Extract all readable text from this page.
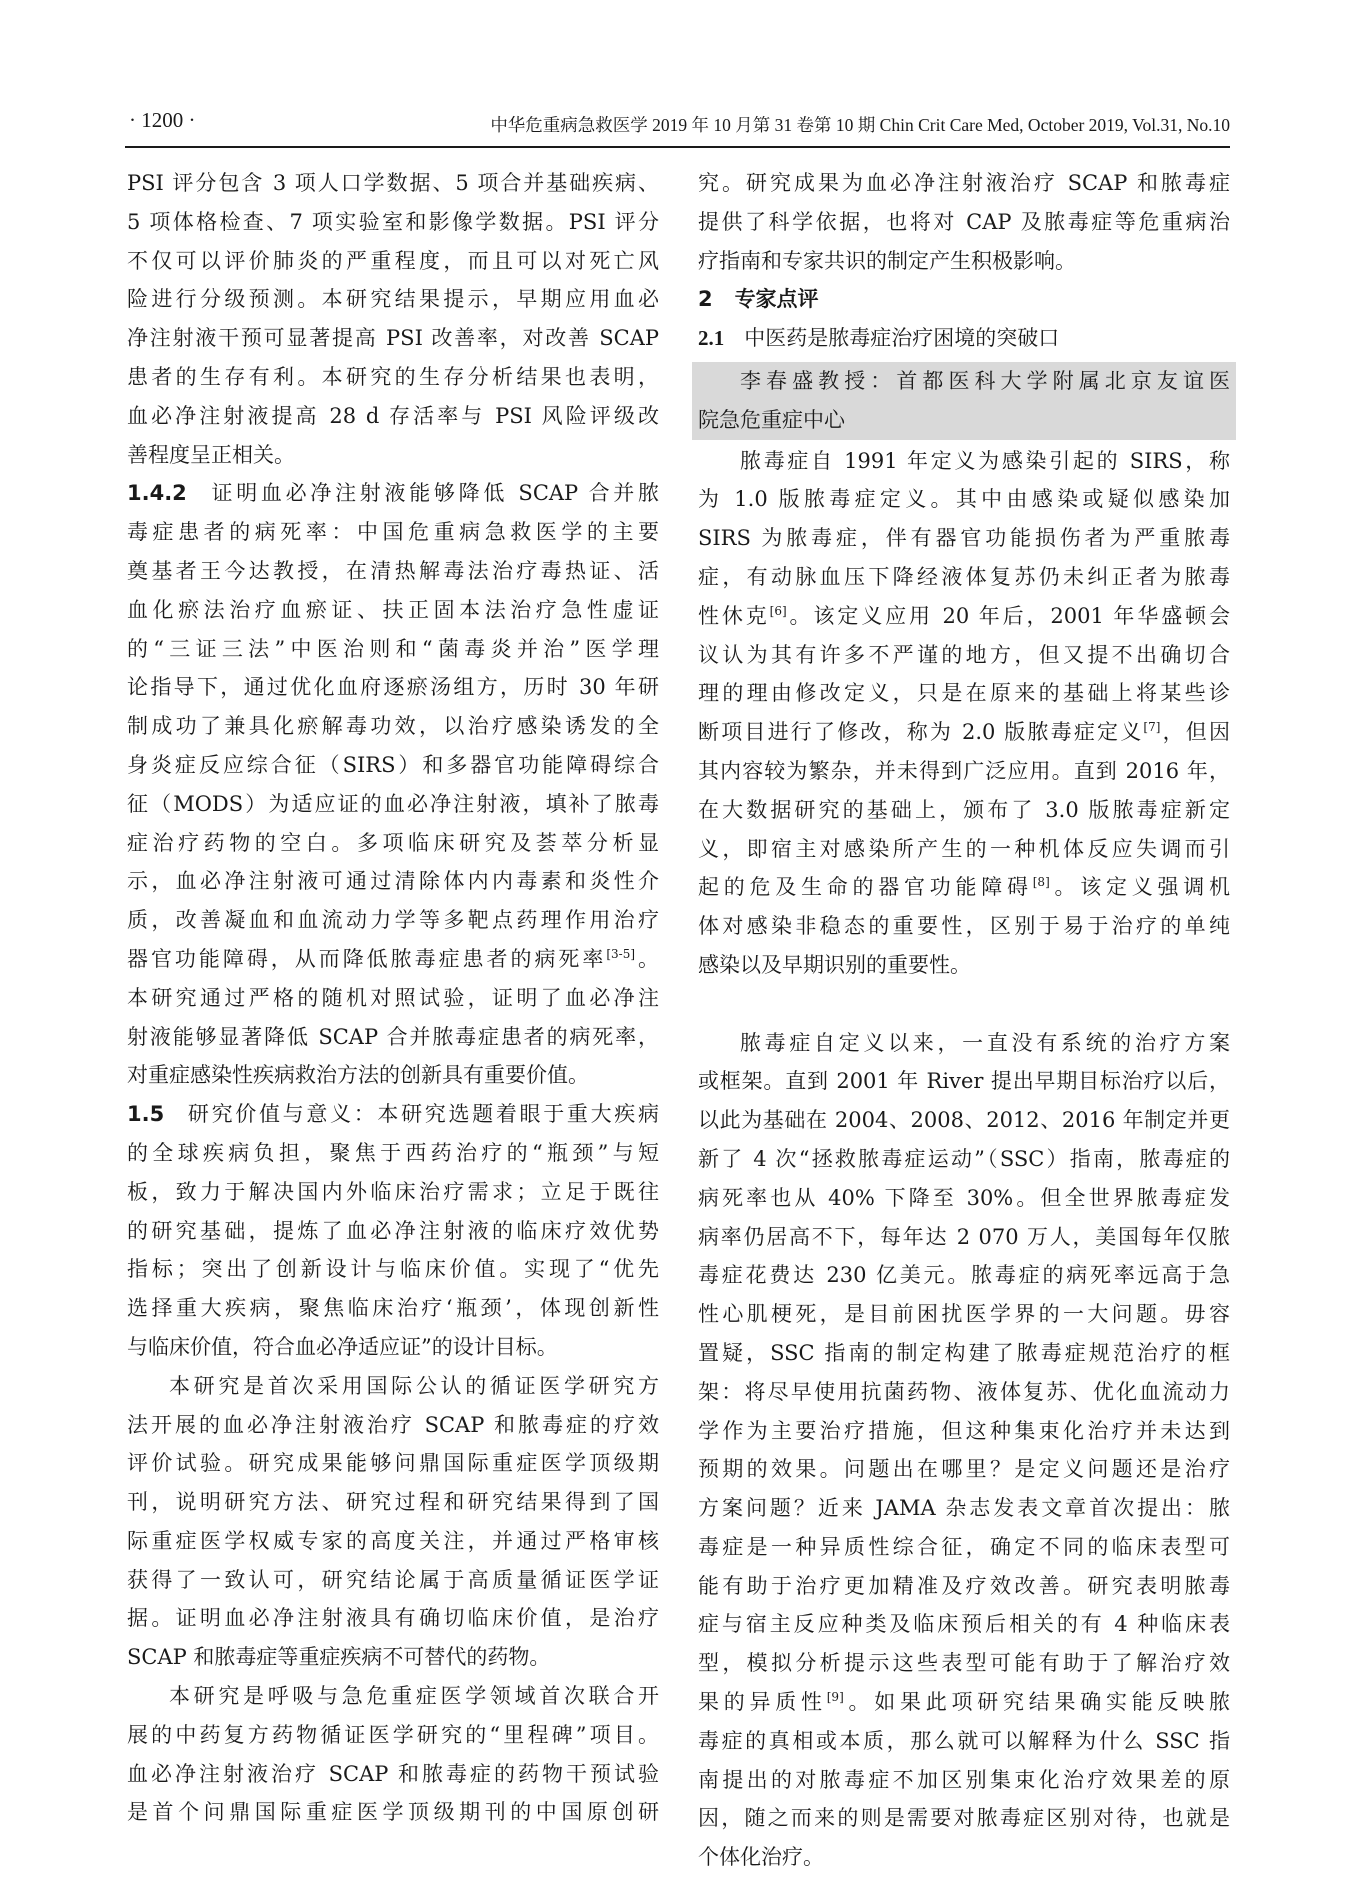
· 1200 ·	中华危重病急救医学 2019 年 10 月第 31 卷第 10 期 Chin Crit Care Med, October 2019, Vol.31, No.10
PSI 评分包含 3 项人口学数据、5 项合并基础疾病、
5 项体格检查、7 项实验室和影像学数据。PSI 评分
不仅可以评价肺炎的严重程度，而且可以对死亡风
险进行分级预测。本研究结果提示，早期应用血必
净注射液干预可显著提高 PSI 改善率，对改善 SCAP
患者的生存有利。本研究的生存分析结果也表明，
血必净注射液提高 28 d 存活率与 PSI 风险评级改
善程度呈正相关。
1.4.2  证明血必净注射液能够降低 SCAP 合并脓
毒症患者的病死率：中国危重病急救医学的主要
奠基者王今达教授，在清热解毒法治疗毒热证、活
血化瘀法治疗血瘀证、扶正固本法治疗急性虚证
的“三证三法”中医治则和“菌毒炎并治”医学理
论指导下，通过优化血府逐瘀汤组方，历时 30 年研
制成功了兼具化瘀解毒功效，以治疗感染诱发的全
身炎症反应综合征（SIRS）和多器官功能障碍综合
征（MODS）为适应证的血必净注射液，填补了脓毒
症治疗药物的空白。多项临床研究及荟萃分析显
示，血必净注射液可通过清除体内内毒素和炎性介
质，改善凝血和血流动力学等多靶点药理作用治疗
器官功能障碍，从而降低脓毒症患者的病死率[3-5]。
本研究通过严格的随机对照试验，证明了血必净注
射液能够显著降低 SCAP 合并脓毒症患者的病死率，
对重症感染性疾病救治方法的创新具有重要价值。
1.5  研究价值与意义：本研究选题着眼于重大疾病
的全球疾病负担，聚焦于西药治疗的“瓶颈”与短
板，致力于解决国内外临床治疗需求；立足于既往
的研究基础，提炼了血必净注射液的临床疗效优势
指标；突出了创新设计与临床价值。实现了“优先
选择重大疾病，聚焦临床治疗‘瓶颈’，体现创新性
与临床价值，符合血必净适应证”的设计目标。
本研究是首次采用国际公认的循证医学研究方
法开展的血必净注射液治疗 SCAP 和脓毒症的疗效
评价试验。研究成果能够问鼎国际重症医学顶级期
刊，说明研究方法、研究过程和研究结果得到了国
际重症医学权威专家的高度关注，并通过严格审核
获得了一致认可，研究结论属于高质量循证医学证
据。证明血必净注射液具有确切临床价值，是治疗
SCAP 和脓毒症等重症疾病不可替代的药物。
本研究是呼吸与急危重症医学领域首次联合开
展的中药复方药物循证医学研究的“里程碑”项目。
血必净注射液治疗 SCAP 和脓毒症的药物干预试验
是首个问鼎国际重症医学顶级期刊的中国原创研
究。研究成果为血必净注射液治疗 SCAP 和脓毒症
提供了科学依据，也将对 CAP 及脓毒症等危重病治
疗指南和专家共识的制定产生积极影响。
2 专家点评
2.1 中医药是脓毒症治疗困境的突破口
李春盛教授：首都医科大学附属北京友谊医
院急危重症中心
脓毒症自 1991 年定义为感染引起的 SIRS，称
为 1.0 版脓毒症定义。其中由感染或疑似感染加
SIRS 为脓毒症，伴有器官功能损伤者为严重脓毒
症，有动脉血压下降经液体复苏仍未纠正者为脓毒
性休克[6]。该定义应用 20 年后，2001 年华盛顿会
议认为其有许多不严谨的地方，但又提不出确切合
理的理由修改定义，只是在原来的基础上将某些诊
断项目进行了修改，称为 2.0 版脓毒症定义[7]，但因
其内容较为繁杂，并未得到广泛应用。直到 2016 年，
在大数据研究的基础上，颁布了 3.0 版脓毒症新定
义，即宿主对感染所产生的一种机体反应失调而引
起的危及生命的器官功能障碍[8]。该定义强调机
体对感染非稳态的重要性，区别于易于治疗的单纯
感染以及早期识别的重要性。
脓毒症自定义以来，一直没有系统的治疗方案
或框架。直到 2001 年 River 提出早期目标治疗以后，
以此为基础在 2004、2008、2012、2016 年制定并更
新了 4 次“拯救脓毒症运动”（SSC）指南，脓毒症的
病死率也从 40% 下降至 30%。但全世界脓毒症发
病率仍居高不下，每年达 2 070 万人，美国每年仅脓
毒症花费达 230 亿美元。脓毒症的病死率远高于急
性心肌梗死，是目前困扰医学界的一大问题。毋容
置疑，SSC 指南的制定构建了脓毒症规范治疗的框
架：将尽早使用抗菌药物、液体复苏、优化血流动力
学作为主要治疗措施，但这种集束化治疗并未达到
预期的效果。问题出在哪里？是定义问题还是治疗
方案问题？近来 JAMA 杂志发表文章首次提出：脓
毒症是一种异质性综合征，确定不同的临床表型可
能有助于治疗更加精准及疗效改善。研究表明脓毒
症与宿主反应种类及临床预后相关的有 4 种临床表
型，模拟分析提示这些表型可能有助于了解治疗效
果的异质性[9]。如果此项研究结果确实能反映脓
毒症的真相或本质，那么就可以解释为什么 SSC 指
南提出的对脓毒症不加区别集束化治疗效果差的原
因，随之而来的则是需要对脓毒症区别对待，也就是
个体化治疗。
